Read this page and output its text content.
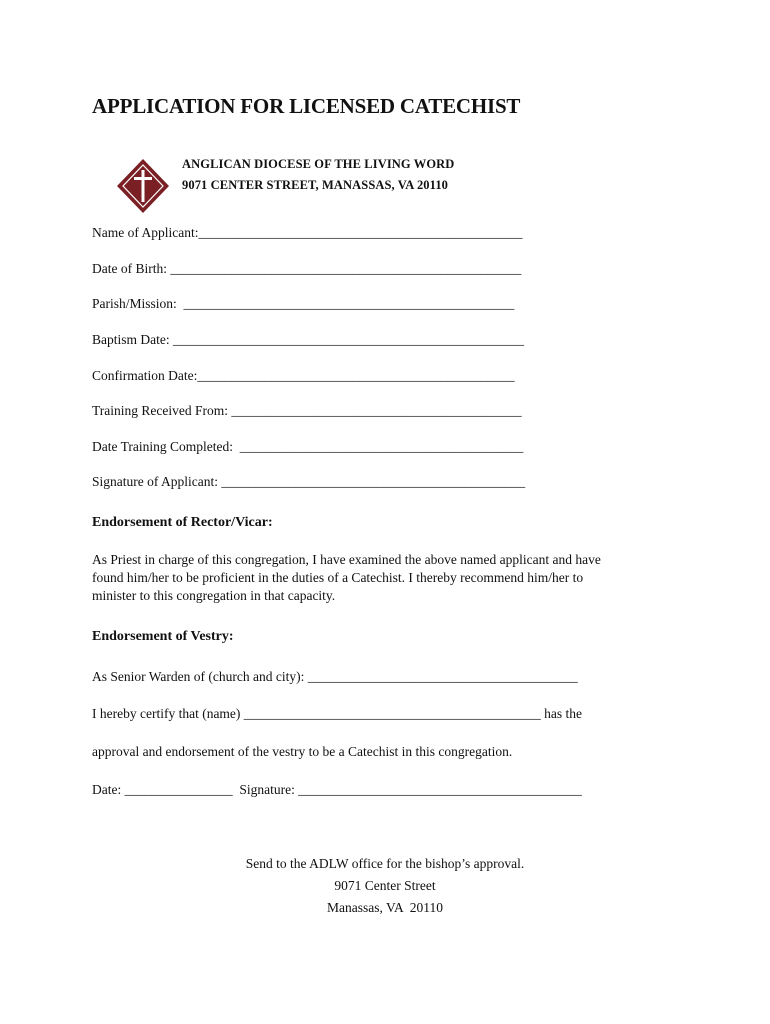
APPLICATION FOR LICENSED CATECHIST

ANGLICAN DIOCESE OF THE LIVING WORD
9071 CENTER STREET, MANASSAS, VA 20110
Name of Applicant:________________________________________________
Date of Birth: ____________________________________________________
Parish/Mission:  _________________________________________________
Baptism Date: ____________________________________________________
Confirmation Date:_______________________________________________
Training Received From: ___________________________________________
Date Training Completed:  __________________________________________
Signature of Applicant: _____________________________________________
Endorsement of Rector/Vicar:
As Priest in charge of this congregation, I have examined the above named applicant and have
found him/her to be proficient in the duties of a Catechist. I thereby recommend him/her to
minister to this congregation in that capacity.
Endorsement of Vestry:
As Senior Warden of (church and city): ________________________________________
I hereby certify that (name) ____________________________________________ has the
approval and endorsement of the vestry to be a Catechist in this congregation.
Date: ________________  Signature: __________________________________________
Send to the ADLW office for the bishop’s approval.
9071 Center Street
Manassas, VA  20110
